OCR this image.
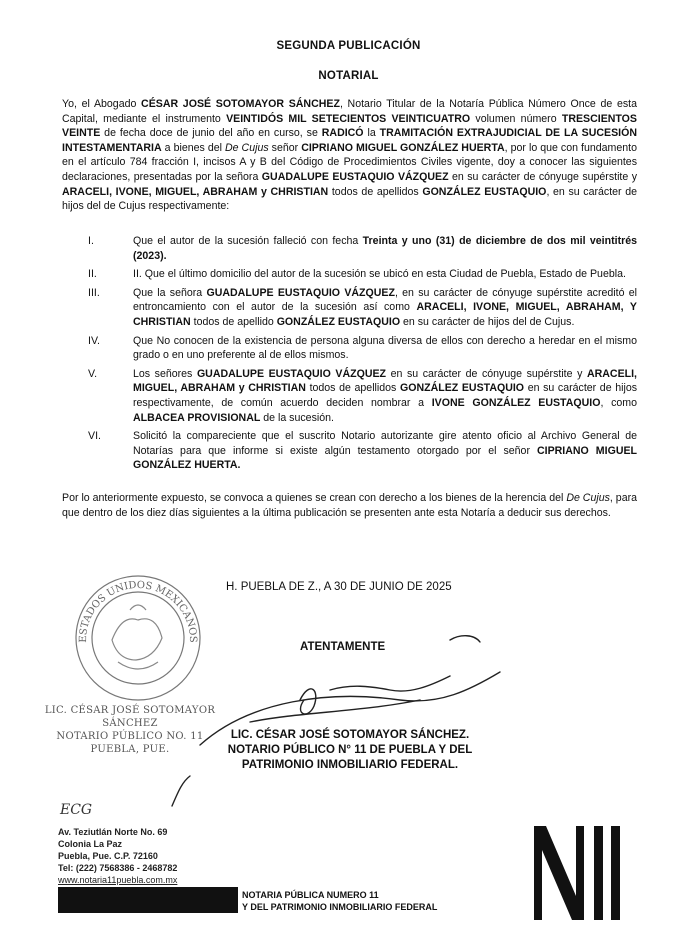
SEGUNDA PUBLICACIÓN
NOTARIAL

Yo, el Abogado CÉSAR JOSÉ SOTOMAYOR SÁNCHEZ, Notario Titular de la Notaría Pública Número Once de esta Capital, mediante el instrumento VEINTIDÓS MIL SETECIENTOS VEINTICUATRO volumen número TRESCIENTOS VEINTE de fecha doce de junio del año en curso, se RADICÓ la TRAMITACIÓN EXTRAJUDICIAL DE LA SUCESIÓN INTESTAMENTARIA a bienes del De Cujus señor CIPRIANO MIGUEL GONZÁLEZ HUERTA, por lo que con fundamento en el artículo 784 fracción I, incisos A y B del Código de Procedimientos Civiles vigente, doy a conocer las siguientes declaraciones, presentadas por la señora GUADALUPE EUSTAQUIO VÁZQUEZ en su carácter de cónyuge supérstite y ARACELI, IVONE, MIGUEL, ABRAHAM y CHRISTIAN todos de apellidos GONZÁLEZ EUSTAQUIO, en su carácter de hijos del de Cujus respectivamente:

I.	Que el autor de la sucesión falleció con fecha Treinta y uno (31) de diciembre de dos mil veintitrés (2023).
II.	II. Que el último domicilio del autor de la sucesión se ubicó en esta Ciudad de Puebla, Estado de Puebla.
III.	Que la señora GUADALUPE EUSTAQUIO VÁZQUEZ, en su carácter de cónyuge supérstite acreditó el entroncamiento con el autor de la sucesión así como ARACELI, IVONE, MIGUEL, ABRAHAM, Y CHRISTIAN todos de apellido GONZÁLEZ EUSTAQUIO en su carácter de hijos del de Cujus.
IV.	Que No conocen de la existencia de persona alguna diversa de ellos con derecho a heredar en el mismo grado o en uno preferente al de ellos mismos.
V.	Los señores GUADALUPE EUSTAQUIO VÁZQUEZ en su carácter de cónyuge supérstite y ARACELI, MIGUEL, ABRAHAM y CHRISTIAN todos de apellidos GONZÁLEZ EUSTAQUIO en su carácter de hijos respectivamente, de común acuerdo deciden nombrar a IVONE GONZÁLEZ EUSTAQUIO, como ALBACEA PROVISIONAL de la sucesión.
VI.	Solicitó la compareciente que el suscrito Notario autorizante gire atento oficio al Archivo General de Notarías para que informe si existe algún testamento otorgado por el señor CIPRIANO MIGUEL GONZÁLEZ HUERTA.

Por lo anteriormente expuesto, se convoca a quienes se crean con derecho a los bienes de la herencia del De Cujus, para que dentro de los diez días siguientes a la última publicación se presenten ante esta Notaría a deducir sus derechos.

H. PUEBLA DE Z., A 30 DE JUNIO DE 2025
ATENTAMENTE
ESTADOS UNIDOS MEXICANOS
LIC. CÉSAR JOSÉ SOTOMAYOR SÁNCHEZ
NOTARIO PÚBLICO NO. 11
PUEBLA, PUE.
LIC. CÉSAR JOSÉ SOTOMAYOR SÁNCHEZ.
NOTARIO PÚBLICO N° 11 DE PUEBLA Y DEL
PATRIMONIO INMOBILIARIO FEDERAL.
ECG
Av. Teziutlán Norte No. 69
Colonia La Paz
Puebla, Pue. C.P. 72160
Tel: (222) 7568386 - 2468782
www.notaria11puebla.com.mx
NOTARIA PÚBLICA NUMERO 11
Y DEL PATRIMONIO INMOBILIARIO FEDERAL
NII
